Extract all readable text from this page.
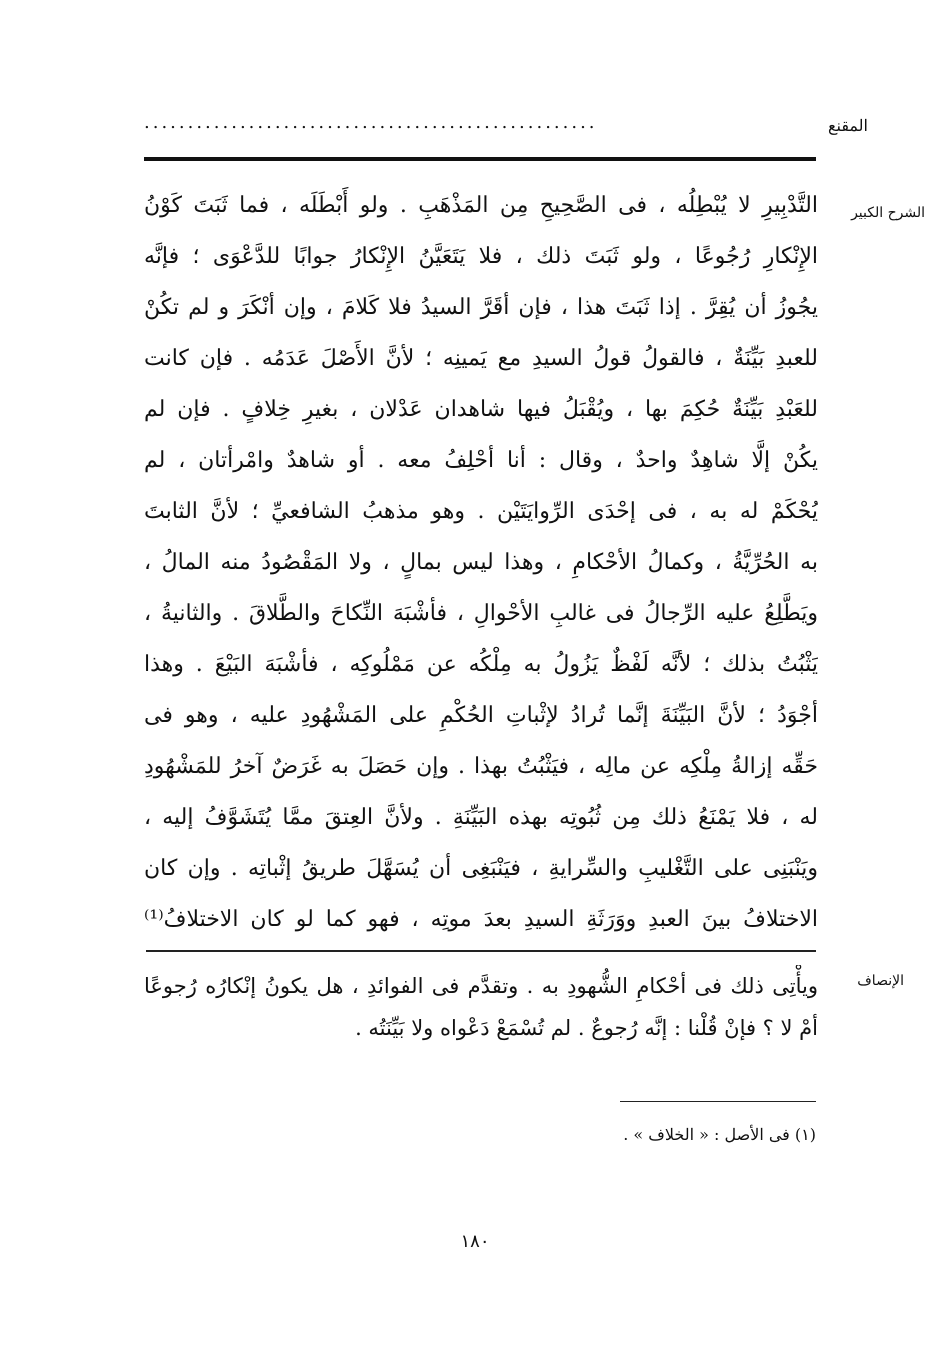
المقنع
....................................................
الشرح الكبير
التَّدْبِيرِ لا يُبْطِلُه ، فى الصَّحِيحِ مِن المَذْهَبِ . ولو أَبْطَلَه ، فما ثَبَتَ كَوْنُ
الإِنْكارِ رُجُوعًا ، ولو ثَبَتَ ذلك ، فلا يَتَعَيَّنُ الإِنْكارُ جوابًا للدَّعْوَى ؛ فإنَّه
يجُوزُ أن يُقِرَّ . إذا ثَبَتَ هذا ، فإن أقَرَّ السيدُ فلا كَلامَ ، وإن أنْكَرَ و لم تكُنْ
للعبدِ بَيِّنَةٌ ، فالقولُ قولُ السيدِ مع يَمينِه ؛ لأنَّ الأَصْلَ عَدَمُه . فإن كانت
للعَبْدِ بَيِّنَةٌ حُكِمَ بها ، ويُقْبَلُ فيها شاهدان عَدْلان ، بغيرِ خِلافٍ . فإن لم
يكُنْ إلَّا شاهِدٌ واحدٌ ، وقال : أنا أحْلِفُ معه . أو شاهدٌ وامْرأتان ، لم
يُحْكَمْ له به ، فى إحْدَى الرِّوايَتَيْن . وهو مذهبُ الشافعيِّ ؛ لأنَّ الثابتَ
به الحُرِّيَّةُ ، وكمالُ الأحْكامِ ، وهذا ليس بمالٍ ، ولا المَقْصُودُ منه المالُ ،
ويَطَّلِعُ عليه الرِّجالُ فى غالبِ الأحْوالِ ، فأشْبَهَ النِّكاحَ والطَّلاقَ . والثانيةُ ،
يَثْبُتُ بذلك ؛ لأنَّه لَفْظٌ يَزُولُ به مِلْكُه عن مَمْلُوكِه ، فأشْبَهَ البَيْعَ . وهذا
أجْوَدُ ؛ لأنَّ البَيِّنَةَ إنَّما تُرادُ لإثْباتِ الحُكْمِ على المَشْهُودِ عليه ، وهو فى
حَقِّه إزالةُ مِلْكِه عن مالِه ، فيَثْبُتُ بهذا . وإن حَصَلَ به غَرَضٌ آخرُ للمَشْهُودِ
له ، فلا يَمْنَعُ ذلك مِن ثُبُوتِه بهذه البَيِّنَةِ . ولأنَّ العِتقَ ممَّا يُتَشَوَّفُ إليه ،
ويَنْبَنِى على التَّغْليبِ والسِّرايةِ ، فيَنْبَغِى أن يُسَهَّلَ طريقُ إثْباتِه . وإن كان
الاختلافُ بينَ العبدِ ووَرَثَةِ السيدِ بعدَ موتِه ، فهو كما لو كان الاختلافُ⁽¹⁾
الإنصاف
ويأْتِى ذلك فى أحْكامِ الشُّهودِ به . وتقدَّم فى الفوائدِ ، هل يكونُ إنْكارُه رُجوعًا
أمْ لا ؟ فإنْ قُلْنا : إنَّه رُجوعٌ . لم تُسْمَعْ دَعْواه ولا بَيِّنَتُه .
(١) فى الأصل : « الخلاف » .
١٨٠
